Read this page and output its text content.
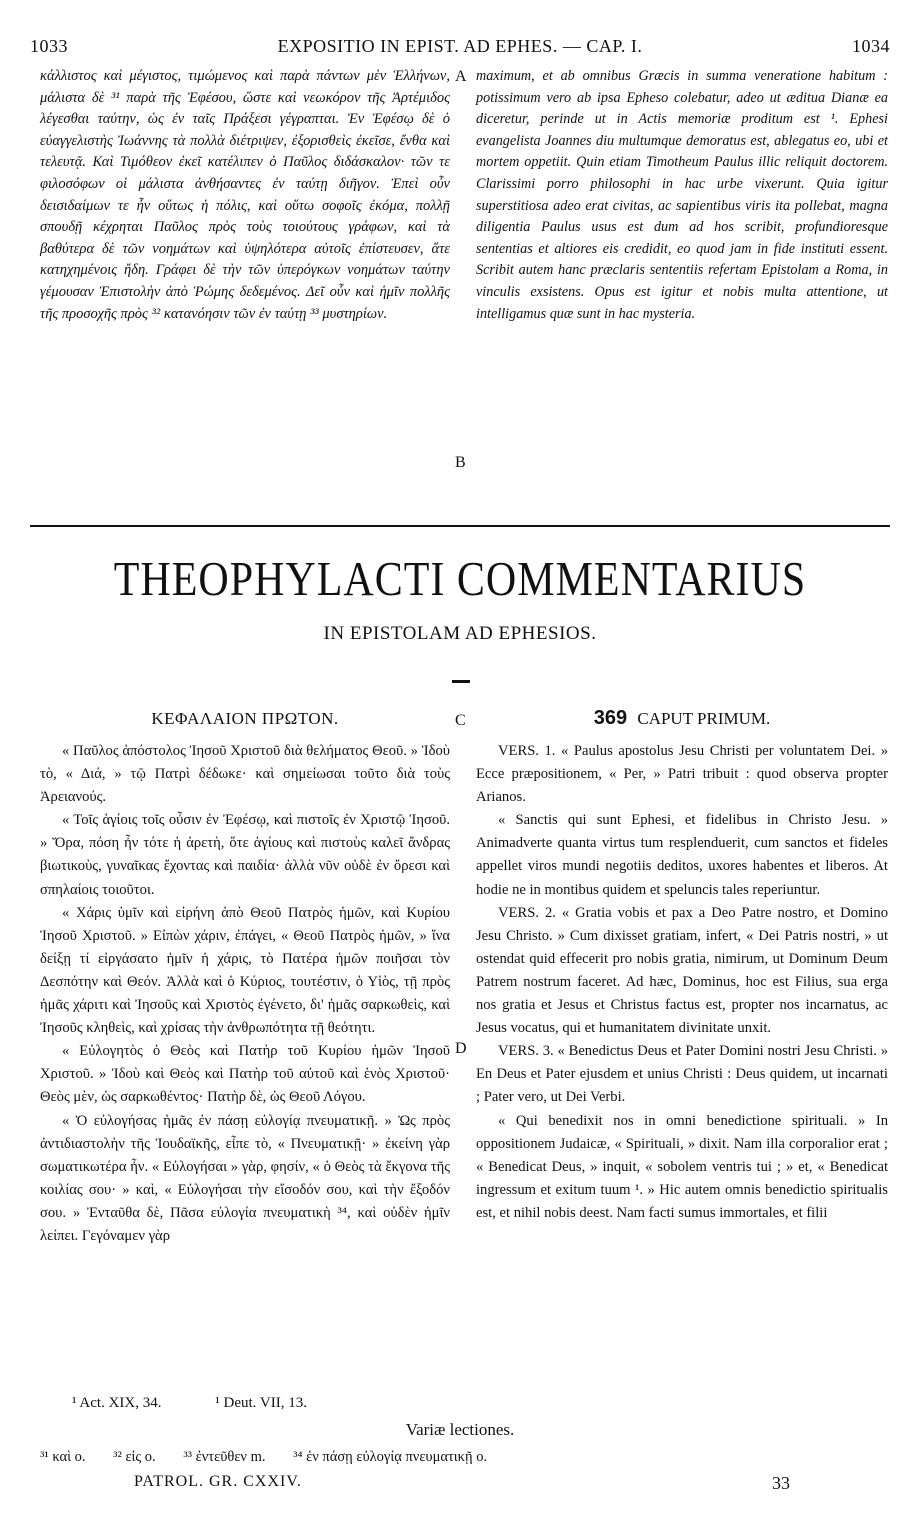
1033	EXPOSITIO IN EPIST. AD EPHES. — CAP. I.	1034

κάλλιστος καὶ μέγιστος, τιμώμενος καὶ παρὰ πάντων μὲν Ἑλλήνων, μάλιστα δὲ ³¹ παρὰ τῆς Ἐφέσου, ὥστε καὶ νεωκόρον τῆς Ἀρτέμιδος λέγεσθαι ταύτην, ὡς ἐν ταῖς Πράξεσι γέγραπται. Ἐν Ἐφέσῳ δὲ ὁ εὐαγγελιστὴς Ἰωάννης τὰ πολλὰ διέτριψεν, ἐξορισθεὶς ἐκεῖσε, ἔνθα καὶ τελευτᾷ. Καὶ Τιμόθεον ἐκεῖ κατέλιπεν ὁ Παῦλος διδάσκαλον· τῶν τε φιλοσόφων οἱ μάλιστα ἀνθήσαντες ἐν ταύτῃ διῆγον. Ἐπεὶ οὖν δεισιδαίμων τε ἦν οὕτως ἡ πόλις, καὶ οὕτω σοφοῖς ἐκόμα, πολλῇ σπουδῇ κέχρηται Παῦλος πρὸς τοὺς τοιούτους γράφων, καὶ τὰ βαθύτερα δὲ τῶν νοημάτων καὶ ὑψηλότερα αὐτοῖς ἐπίστευσεν, ἅτε κατηχημένοις ἤδη. Γράφει δὲ τὴν τῶν ὑπερόγκων νοημάτων ταύτην γέμουσαν Ἐπιστολὴν ἀπὸ Ῥώμης δεδεμένος. Δεῖ οὖν καὶ ἡμῖν πολλῆς τῆς προσοχῆς πρὸς ³² κατανόησιν τῶν ἐν ταύτῃ ³³ μυστηρίων.

maximum, et ab omnibus Græcis in summa veneratione habitum : potissimum vero ab ipsa Epheso colebatur, adeo ut æditua Dianæ ea diceretur, perinde ut in Actis memoriæ proditum est ¹. Ephesi evangelista Joannes diu multumque demoratus est, ablegatus eo, ubi et mortem oppetiit. Quin etiam Timotheum Paulus illic reliquit doctorem. Clarissimi porro philosophi in hac urbe vixerunt. Quia igitur superstitiosa adeo erat civitas, ac sapientibus viris ita pollebat, magna diligentia Paulus usus est dum ad hos scribit, profundioresque sententias et altiores eis credidit, eo quod jam in fide instituti essent. Scribit autem hanc præclaris sententiis refertam Epistolam a Roma, in vinculis exsistens. Opus est igitur et nobis multa attentione, ut intelligamus quæ sunt in hac mysteria.

A
B
THEOPHYLACTI COMMENTARIUS
IN EPISTOLAM AD EPHESIOS.
ΚΕΦΑΛΑΙΟΝ ΠΡΩΤΟΝ.	C	369 CAPUT PRIMUM.

« Παῦλος ἀπόστολος Ἰησοῦ Χριστοῦ διὰ θελήματος Θεοῦ. » Ἰδοὺ τὸ, « Διά, » τῷ Πατρὶ δέδωκε· καὶ σημείωσαι τοῦτο διὰ τοὺς Ἀρειανούς.

« Τοῖς ἁγίοις τοῖς οὖσιν ἐν Ἐφέσῳ, καὶ πιστοῖς ἐν Χριστῷ Ἰησοῦ. » Ὅρα, πόση ἦν τότε ἡ ἀρετὴ, ὅτε ἁγίους καὶ πιστοὺς καλεῖ ἄνδρας βιωτικοὺς, γυναῖκας ἔχοντας καὶ παιδία· ἀλλὰ νῦν οὐδὲ ἐν ὄρεσι καὶ σπηλαίοις τοιοῦτοι.

« Χάρις ὑμῖν καὶ εἰρήνη ἀπὸ Θεοῦ Πατρὸς ἡμῶν, καὶ Κυρίου Ἰησοῦ Χριστοῦ. » Εἰπὼν χάριν, ἐπάγει, « Θεοῦ Πατρὸς ἡμῶν, » ἵνα δείξῃ τί εἰργάσατο ἡμῖν ἡ χάρις, τὸ Πατέρα ἡμῶν ποιῆσαι τὸν Δεσπότην καὶ Θεόν. Ἀλλὰ καὶ ὁ Κύριος, τουτέστιν, ὁ Υἱὸς, τῇ πρὸς ἡμᾶς χάριτι καὶ Ἰησοῦς καὶ Χριστὸς ἐγένετο, δι' ἡμᾶς σαρκωθεὶς, καὶ Ἰησοῦς κληθεὶς, καὶ χρίσας τὴν ἀνθρωπότητα τῇ θεότητι.

« Εὐλογητὸς ὁ Θεὸς καὶ Πατὴρ τοῦ Κυρίου ἡμῶν Ἰησοῦ Χριστοῦ. » Ἰδοὺ καὶ Θεὸς καὶ Πατὴρ τοῦ αὐτοῦ καὶ ἑνὸς Χριστοῦ· Θεὸς μὲν, ὡς σαρκωθέντος· Πατὴρ δὲ, ὡς Θεοῦ Λόγου.

« Ὁ εὐλογήσας ἡμᾶς ἐν πάσῃ εὐλογίᾳ πνευματικῇ. » Ὡς πρὸς ἀντιδιαστολὴν τῆς Ἰουδαϊκῆς, εἶπε τὸ, « Πνευματικῇ· » ἐκείνη γὰρ σωματικωτέρα ἦν. « Εὐλογήσαι » γὰρ, φησίν, « ὁ Θεὸς τὰ ἔκγονα τῆς κοιλίας σου· » καὶ, « Εὐλογήσαι τὴν εἴσοδόν σου, καὶ τὴν ἔξοδόν σου. » Ἐνταῦθα δὲ, Πᾶσα εὐλογία πνευματικὴ ³⁴, καὶ οὐδὲν ἡμῖν λείπει. Γεγόναμεν γὰρ

D

VERS. 1. « Paulus apostolus Jesu Christi per voluntatem Dei. » Ecce præpositionem, « Per, » Patri tribuit : quod observa propter Arianos.

« Sanctis qui sunt Ephesi, et fidelibus in Christo Jesu. » Animadverte quanta virtus tum resplenduerit, cum sanctos et fideles appellet viros mundi negotiis deditos, uxores habentes et liberos. At hodie ne in montibus quidem et speluncis tales reperiuntur.

VERS. 2. « Gratia vobis et pax a Deo Patre nostro, et Domino Jesu Christo. » Cum dixisset gratiam, infert, « Dei Patris nostri, » ut ostendat quid effecerit pro nobis gratia, nimirum, ut Dominum Deum Patrem nostrum faceret. Ad hæc, Dominus, hoc est Filius, sua erga nos gratia et Jesus et Christus factus est, propter nos incarnatus, ac Jesus vocatus, qui et humanitatem divinitate unxit.

VERS. 3. « Benedictus Deus et Pater Domini nostri Jesu Christi. » En Deus et Pater ejusdem et unius Christi : Deus quidem, ut incarnati ; Pater vero, ut Dei Verbi.

« Qui benedixit nos in omni benedictione spirituali. » In oppositionem Judaicæ, « Spirituali, » dixit. Nam illa corporalior erat ; « Benedicat Deus, » inquit, « sobolem ventris tui ; » et, « Benedicat ingressum et exitum tuum ¹. » Hic autem omnis benedictio spiritualis est, et nihil nobis deest. Nam facti sumus immortales, et filii

¹ Act. XIX, 34.	¹ Deut. VII, 13.
Variæ lectiones.
³¹ καὶ ο. ³² εἰς ο. ³³ ἐντεῦθεν m. ³⁴ ἐν πάσῃ εὐλογίᾳ πνευματικῇ ο.
PATROL. GR. CXXIV.	33
